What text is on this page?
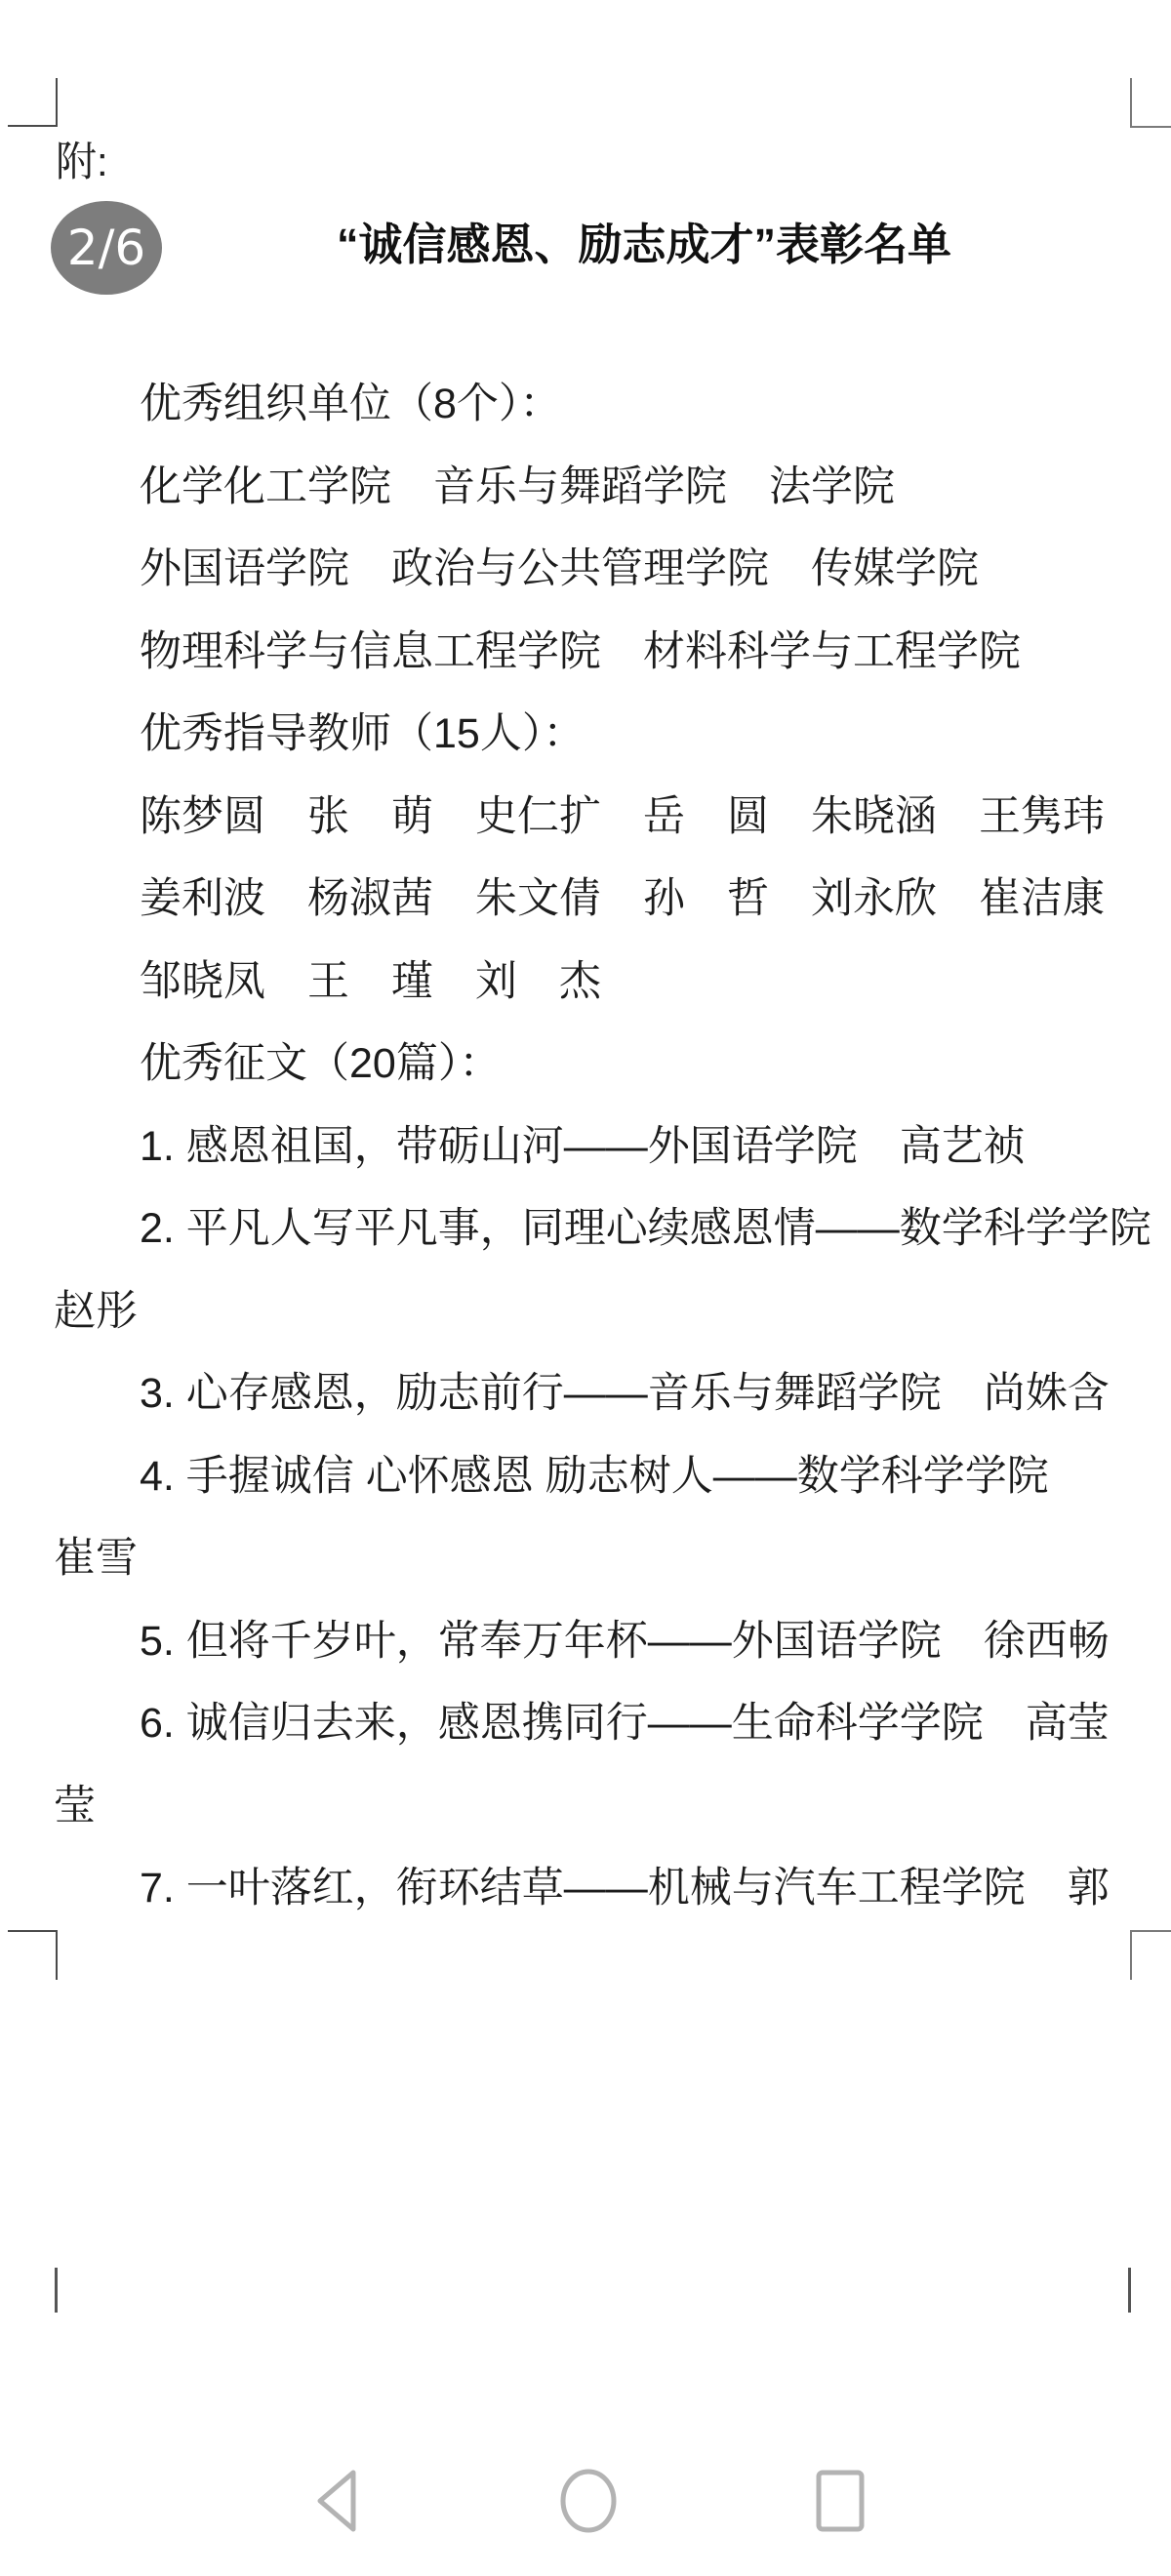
附:
2/6	“诚信感恩、励志成才”表彰名单
优秀组织单位（8个）：
化学化工学院　音乐与舞蹈学院　法学院
外国语学院　政治与公共管理学院　传媒学院
物理科学与信息工程学院　材料科学与工程学院
优秀指导教师（15人）：
陈梦圆　张　萌　史仁扩　岳　圆　朱晓涵　王隽玮
姜利波　杨淑茜　朱文倩　孙　哲　刘永欣　崔洁康
邹晓凤　王　瑾　刘　杰
优秀征文（20篇）：
1. 感恩祖国，带砺山河——外国语学院　高艺祯
2. 平凡人写平凡事，同理心续感恩情——数学科学学院
赵彤
3. 心存感恩，励志前行——音乐与舞蹈学院　尚姝含
4. 手握诚信 心怀感恩 励志树人——数学科学学院
崔雪
5. 但将千岁叶，常奉万年杯——外国语学院　徐西畅
6. 诚信归去来，感恩携同行——生命科学学院　高莹
莹
7. 一叶落红，衔环结草——机械与汽车工程学院　郭
